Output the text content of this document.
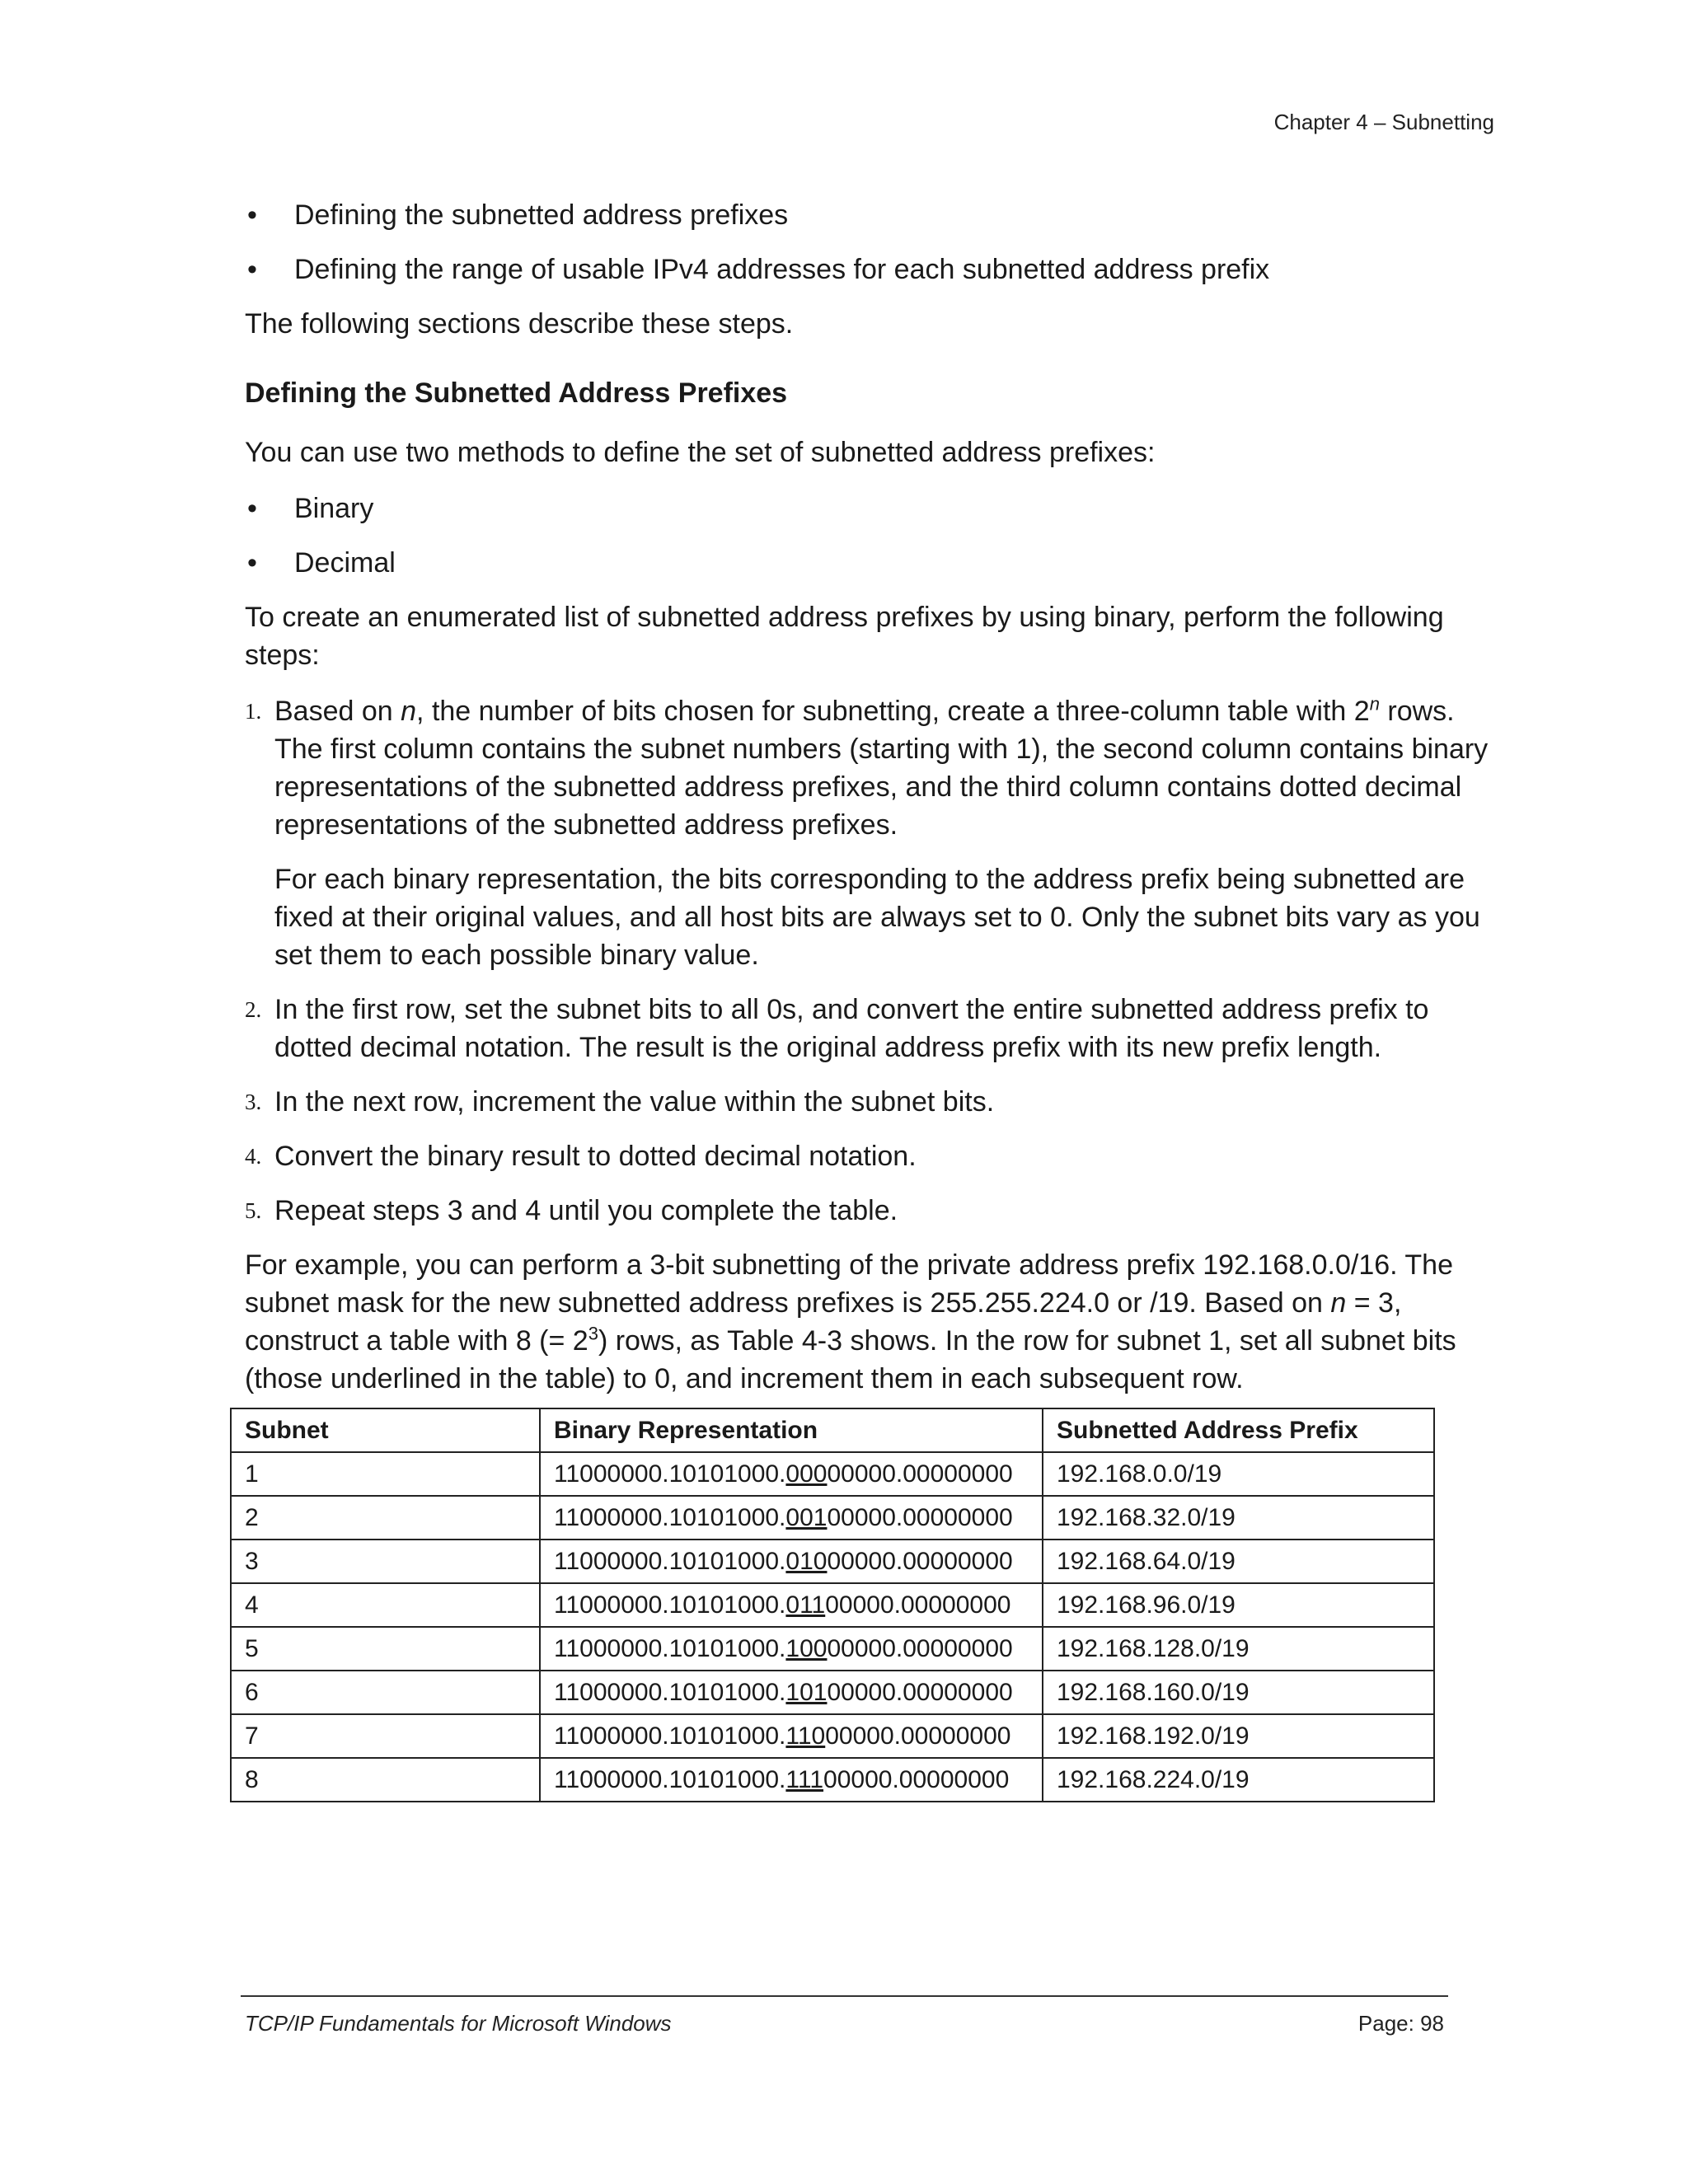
Chapter 4 – Subnetting
• Defining the subnetted address prefixes
• Defining the range of usable IPv4 addresses for each subnetted address prefix

The following sections describe these steps.

Defining the Subnetted Address Prefixes

You can use two methods to define the set of subnetted address prefixes:

• Binary
• Decimal

To create an enumerated list of subnetted address prefixes by using binary, perform the following steps:

1. Based on n, the number of bits chosen for subnetting, create a three-column table with 2$^n$ rows. The first column contains the subnet numbers (starting with 1), the second column contains binary representations of the subnetted address prefixes, and the third column contains dotted decimal representations of the subnetted address prefixes.

For each binary representation, the bits corresponding to the address prefix being subnetted are fixed at their original values, and all host bits are always set to 0. Only the subnet bits vary as you set them to each possible binary value.

2. In the first row, set the subnet bits to all 0s, and convert the entire subnetted address prefix to dotted decimal notation. The result is the original address prefix with its new prefix length.
3. In the next row, increment the value within the subnet bits.
4. Convert the binary result to dotted decimal notation.
5. Repeat steps 3 and 4 until you complete the table.

For example, you can perform a 3-bit subnetting of the private address prefix 192.168.0.0/16. The subnet mask for the new subnetted address prefixes is 255.255.224.0 or /19. Based on n = 3, construct a table with 8 (= $2^3$) rows, as Table 4-3 shows. In the row for subnet 1, set all subnet bits (those underlined in the table) to 0, and increment them in each subsequent row.

Subnet	Binary Representation	Subnetted Address Prefix
1	11000000.10101000.00000000.00000000	192.168.0.0/19
2	11000000.10101000.00100000.00000000	192.168.32.0/19
3	11000000.10101000.01000000.00000000	192.168.64.0/19
4	11000000.10101000.01100000.00000000	192.168.96.0/19
5	11000000.10101000.10000000.00000000	192.168.128.0/19
6	11000000.10101000.10100000.00000000	192.168.160.0/19
7	11000000.10101000.11000000.00000000	192.168.192.0/19
8	11000000.10101000.11100000.00000000	192.168.224.0/19
TCP/IP Fundamentals for Microsoft Windows	Page: 98
